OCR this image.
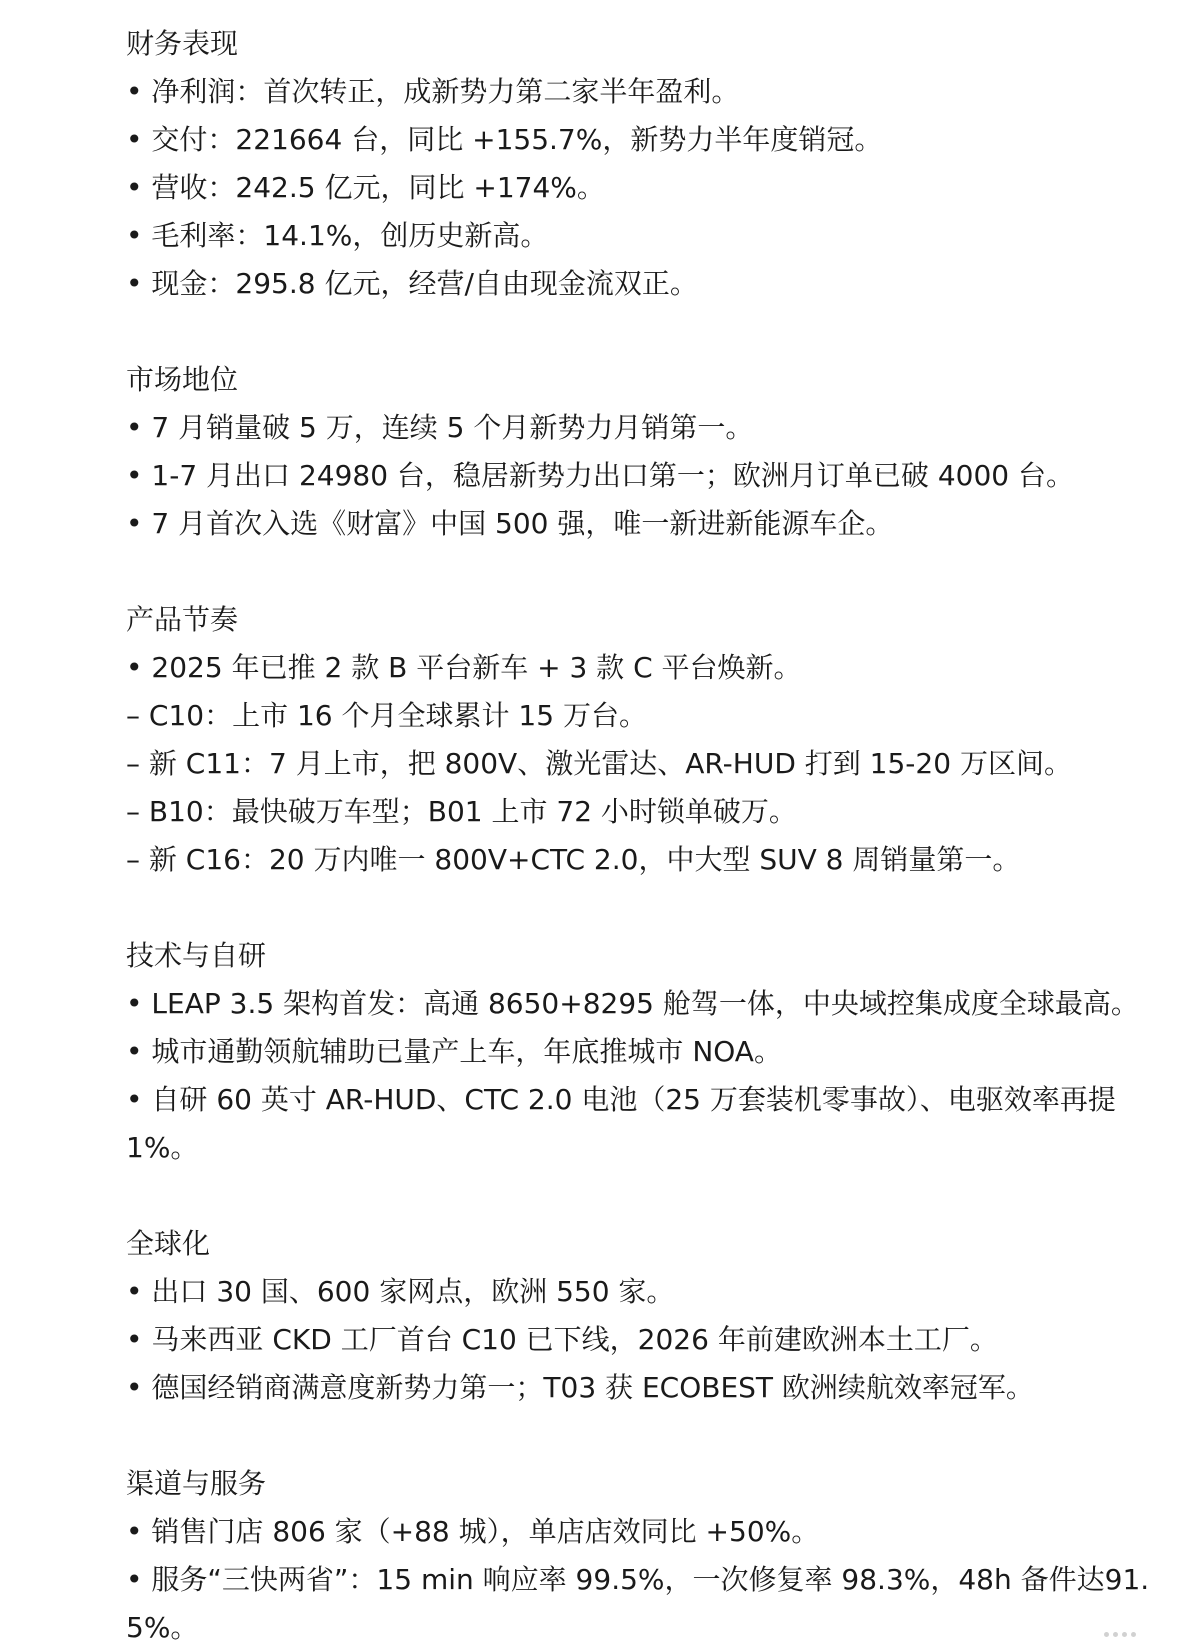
财务表现

• 净利润：首次转正，成新势力第二家半年盈利。

• 交付：221664 台，同比 +155.7%，新势力半年度销冠。

• 营收：242.5 亿元，同比 +174%。

• 毛利率：14.1%，创历史新高。

• 现金：295.8 亿元，经营/自由现金流双正。

市场地位

• 7 月销量破 5 万，连续 5 个月新势力月销第一。

• 1-7 月出口 24980 台，稳居新势力出口第一；欧洲月订单已破 4000 台。

• 7 月首次入选《财富》中国 500 强，唯一新进新能源车企。

产品节奏

• 2025 年已推 2 款 B 平台新车 + 3 款 C 平台焕新。

– C10：上市 16 个月全球累计 15 万台。

– 新 C11：7 月上市，把 800V、激光雷达、AR-HUD 打到 15-20 万区间。

– B10：最快破万车型；B01 上市 72 小时锁单破万。

– 新 C16：20 万内唯一 800V+CTC 2.0，中大型 SUV 8 周销量第一。

技术与自研

• LEAP 3.5 架构首发：高通 8650+8295 舱驾一体，中央域控集成度全球最高。

• 城市通勤领航辅助已量产上车，年底推城市 NOA。

• 自研 60 英寸 AR-HUD、CTC 2.0 电池（25 万套装机零事故）、电驱效率再提1%。

全球化

• 出口 30 国、600 家网点，欧洲 550 家。

• 马来西亚 CKD 工厂首台 C10 已下线，2026 年前建欧洲本土工厂。

• 德国经销商满意度新势力第一；T03 获 ECOBEST 欧洲续航效率冠军。

渠道与服务

• 销售门店 806 家（+88 城），单店店效同比 +50%。

• 服务“三快两省”：15 min 响应率 99.5%，一次修复率 98.3%，48h 备件达91.5%。
